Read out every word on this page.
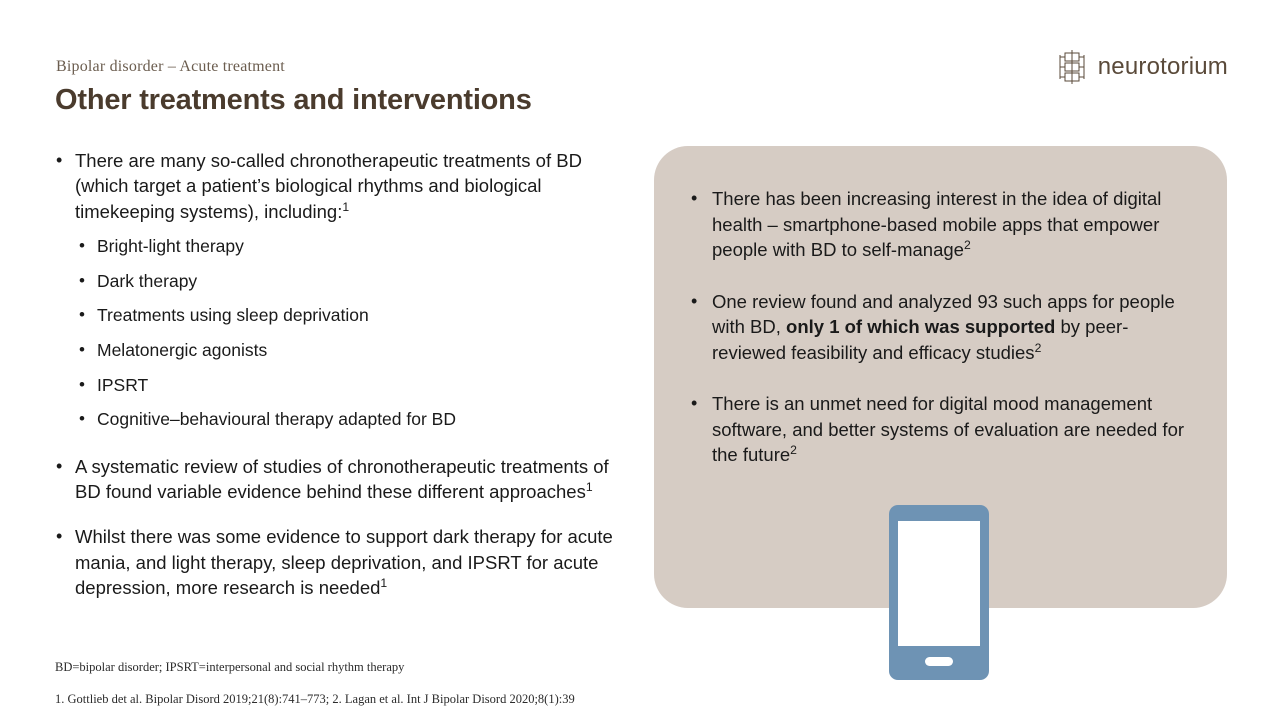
Bipolar disorder – Acute treatment
Other treatments and interventions
neurotorium
• There are many so-called chronotherapeutic treatments of BD (which target a patient’s biological rhythms and biological timekeeping systems), including:$^1$
• Bright-light therapy
• Dark therapy
• Treatments using sleep deprivation
• Melatonergic agonists
• IPSRT
• Cognitive–behavioural therapy adapted for BD
• A systematic review of studies of chronotherapeutic treatments of BD found variable evidence behind these different approaches$^1$
• Whilst there was some evidence to support dark therapy for acute mania, and light therapy, sleep deprivation, and IPSRT for acute depression, more research is needed$^1$
• There has been increasing interest in the idea of digital health – smartphone-based mobile apps that empower people with BD to self-manage$^2$
• One review found and analyzed 93 such apps for people with BD, only 1 of which was supported by peer-reviewed feasibility and efficacy studies$^2$
• There is an unmet need for digital mood management software, and better systems of evaluation are needed for the future$^2$
BD=bipolar disorder; IPSRT=interpersonal and social rhythm therapy
1. Gottlieb det al. Bipolar Disord 2019;21(8):741–773; 2. Lagan et al. Int J Bipolar Disord 2020;8(1):39
